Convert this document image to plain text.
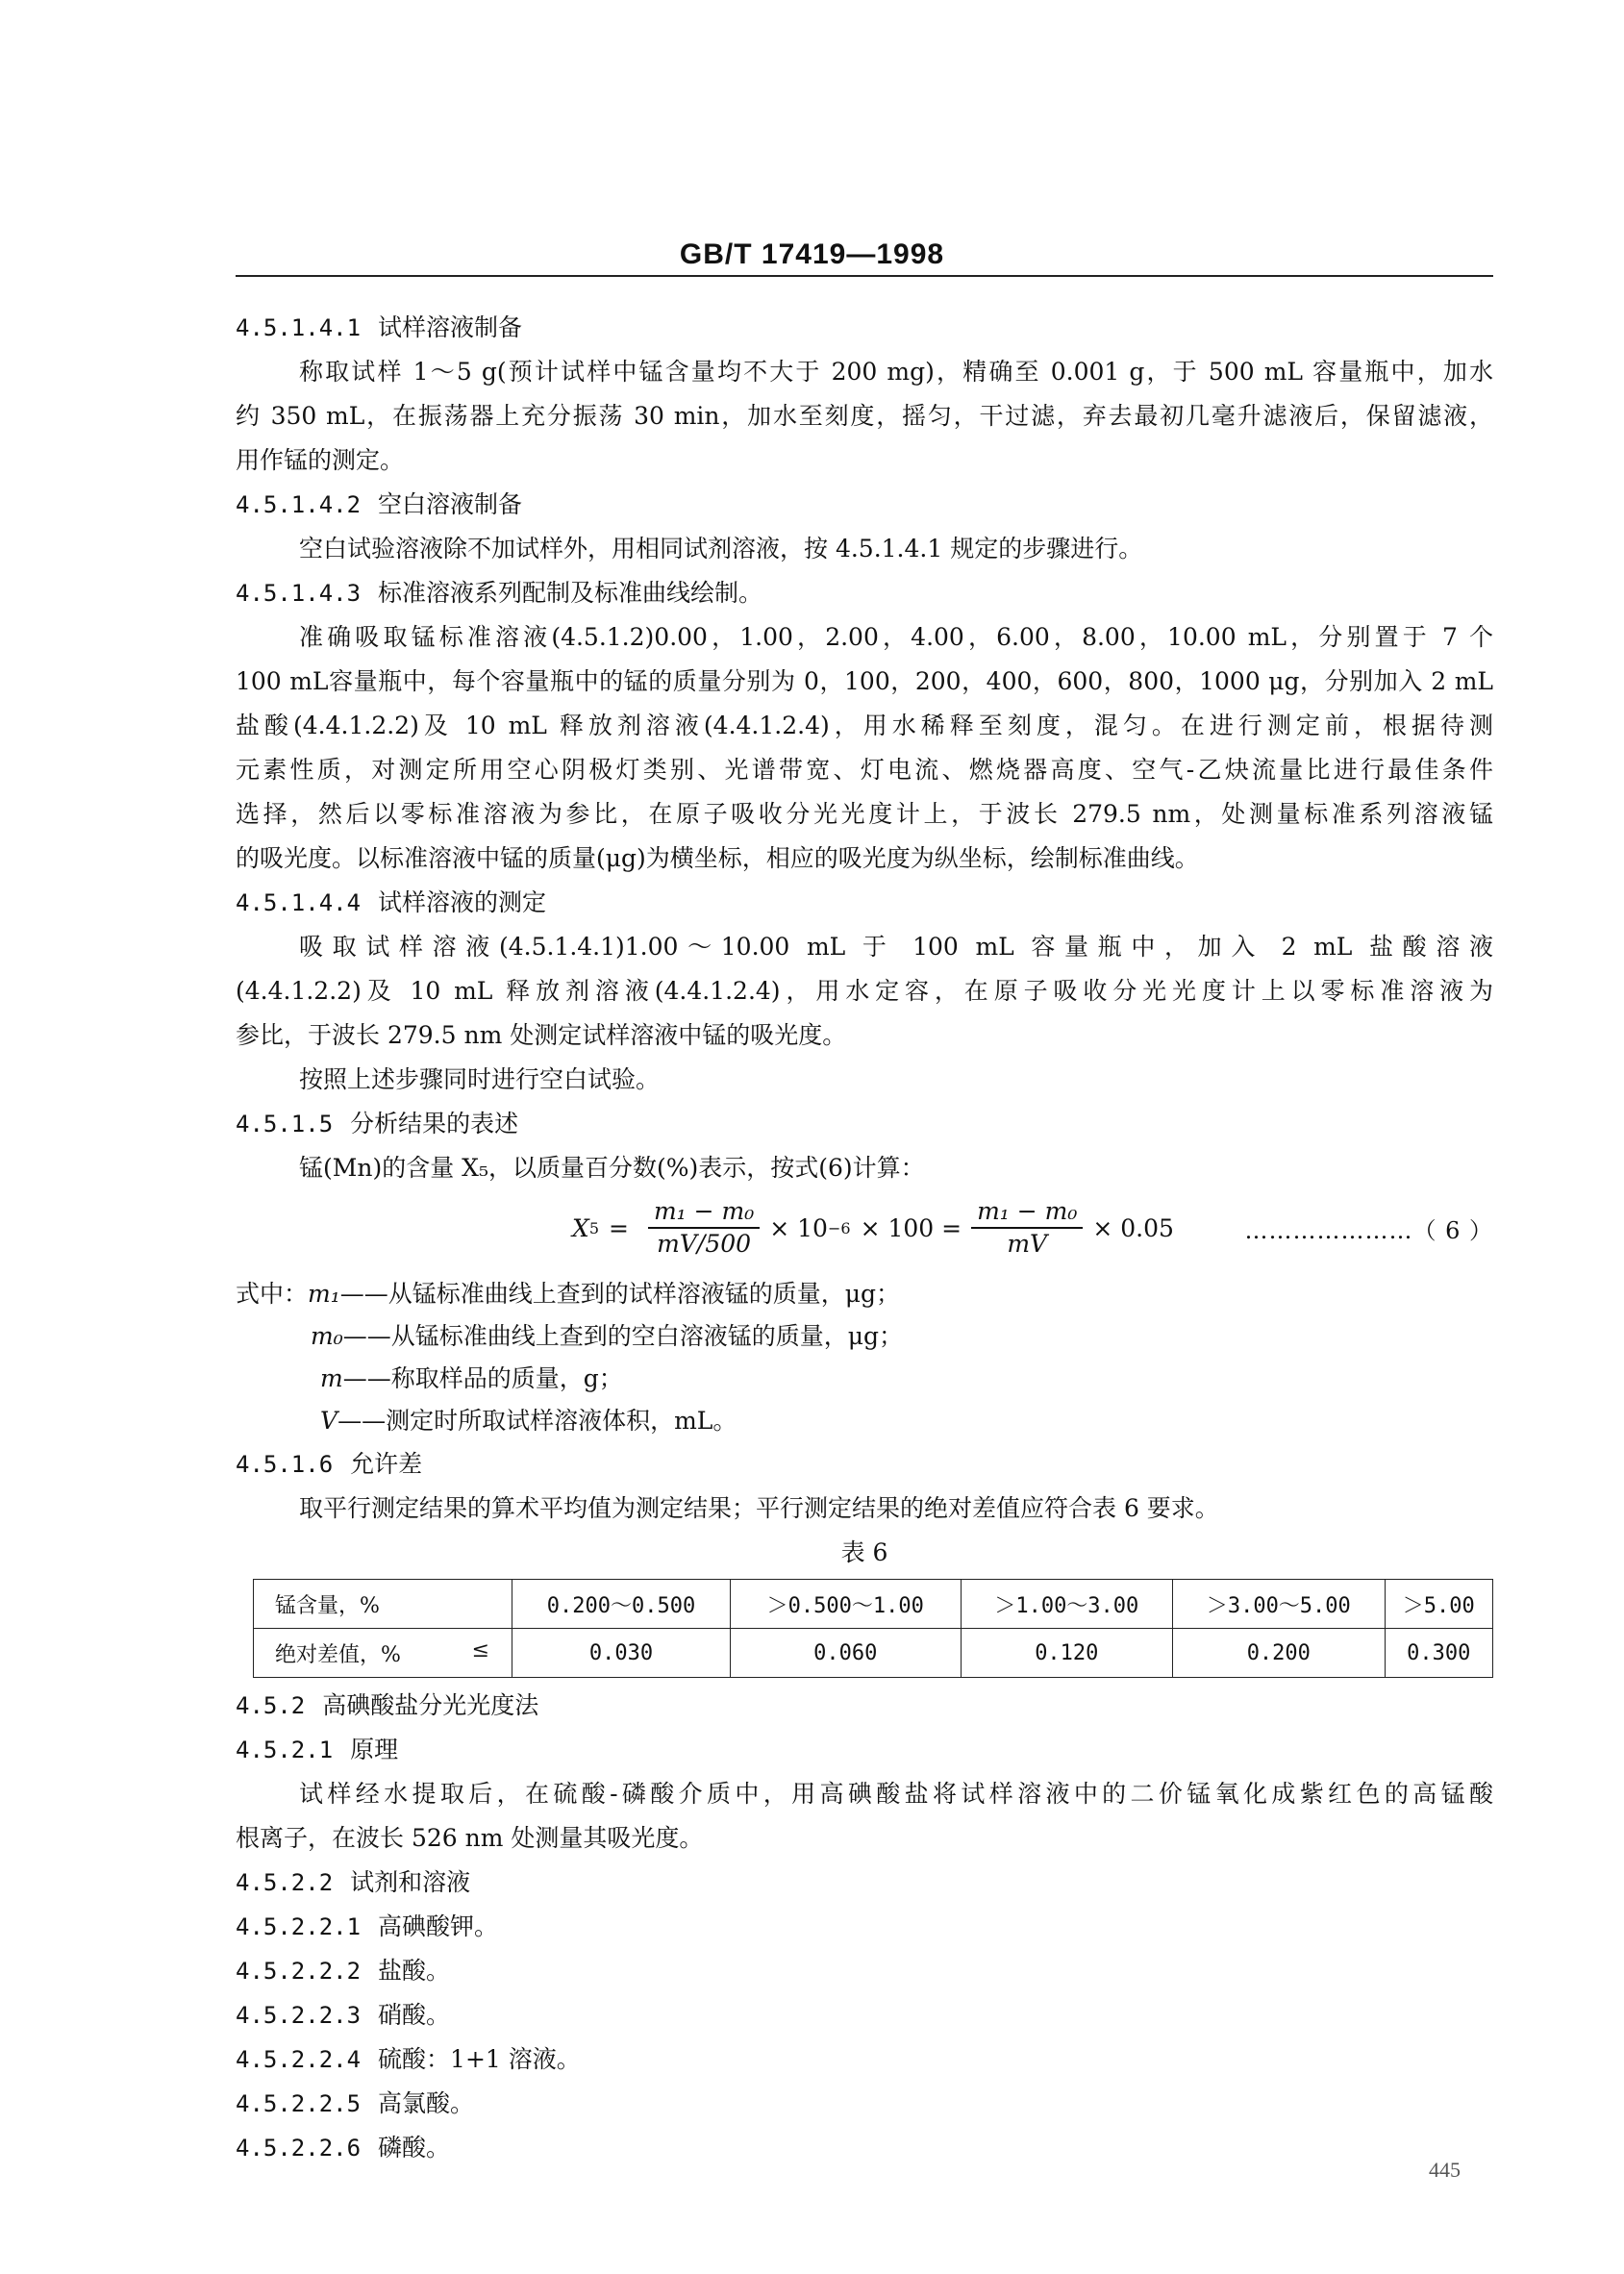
GB/T 17419—1998
4.5.1.4.1 试样溶液制备
称取试样 1～5 g(预计试样中锰含量均不大于 200 mg)，精确至 0.001 g，于 500 mL 容量瓶中，加水
约 350 mL，在振荡器上充分振荡 30 min，加水至刻度，摇匀，干过滤，弃去最初几毫升滤液后，保留滤液，
用作锰的测定。
4.5.1.4.2 空白溶液制备
空白试验溶液除不加试样外，用相同试剂溶液，按 4.5.1.4.1 规定的步骤进行。
4.5.1.4.3 标准溶液系列配制及标准曲线绘制。
准确吸取锰标准溶液(4.5.1.2)0.00，1.00，2.00，4.00，6.00，8.00，10.00 mL，分别置于 7 个
100 mL容量瓶中，每个容量瓶中的锰的质量分别为 0，100，200，400，600，800，1000 μg，分别加入 2 mL
盐酸(4.4.1.2.2)及 10 mL 释放剂溶液(4.4.1.2.4)，用水稀释至刻度，混匀。在进行测定前，根据待测
元素性质，对测定所用空心阴极灯类别、光谱带宽、灯电流、燃烧器高度、空气-乙炔流量比进行最佳条件
选择，然后以零标准溶液为参比，在原子吸收分光光度计上，于波长 279.5 nm，处测量标准系列溶液锰
的吸光度。以标准溶液中锰的质量(μg)为横坐标，相应的吸光度为纵坐标，绘制标准曲线。
4.5.1.4.4 试样溶液的测定
吸取试样溶液(4.5.1.4.1)1.00～10.00 mL 于 100 mL 容量瓶中，加入 2 mL 盐酸溶液
(4.4.1.2.2)及 10 mL 释放剂溶液(4.4.1.2.4)，用水定容，在原子吸收分光光度计上以零标准溶液为
参比，于波长 279.5 nm 处测定试样溶液中锰的吸光度。
按照上述步骤同时进行空白试验。
4.5.1.5 分析结果的表述
锰(Mn)的含量 X₅，以质量百分数(%)表示，按式(6)计算：
X $5 = \frac{\text{m₁ − m₀}}{mV/500} \times 10 -6 \times 100 = \frac{\text{m₁ − m₀}}{mV} \times 0.05$	…………………（ 6 ）
式中：m₁——从锰标准曲线上查到的试样溶液锰的质量，μg；
m₀——从锰标准曲线上查到的空白溶液锰的质量，μg；
m——称取样品的质量，g；
V——测定时所取试样溶液体积，mL。
4.5.1.6 允许差
取平行测定结果的算术平均值为测定结果；平行测定结果的绝对差值应符合表 6 要求。
表 6
锰含量，%	0.200～0.500	＞0.500～1.00	＞1.00～3.00	＞3.00～5.00	＞5.00
绝对差值，% ≤	0.030	0.060	0.120	0.200	0.300
4.5.2 高碘酸盐分光光度法
4.5.2.1 原理
试样经水提取后，在硫酸-磷酸介质中，用高碘酸盐将试样溶液中的二价锰氧化成紫红色的高锰酸
根离子，在波长 526 nm 处测量其吸光度。
4.5.2.2 试剂和溶液
4.5.2.2.1 高碘酸钾。
4.5.2.2.2 盐酸。
4.5.2.2.3 硝酸。
4.5.2.2.4 硫酸：1+1 溶液。
4.5.2.2.5 高氯酸。
4.5.2.2.6 磷酸。
445
